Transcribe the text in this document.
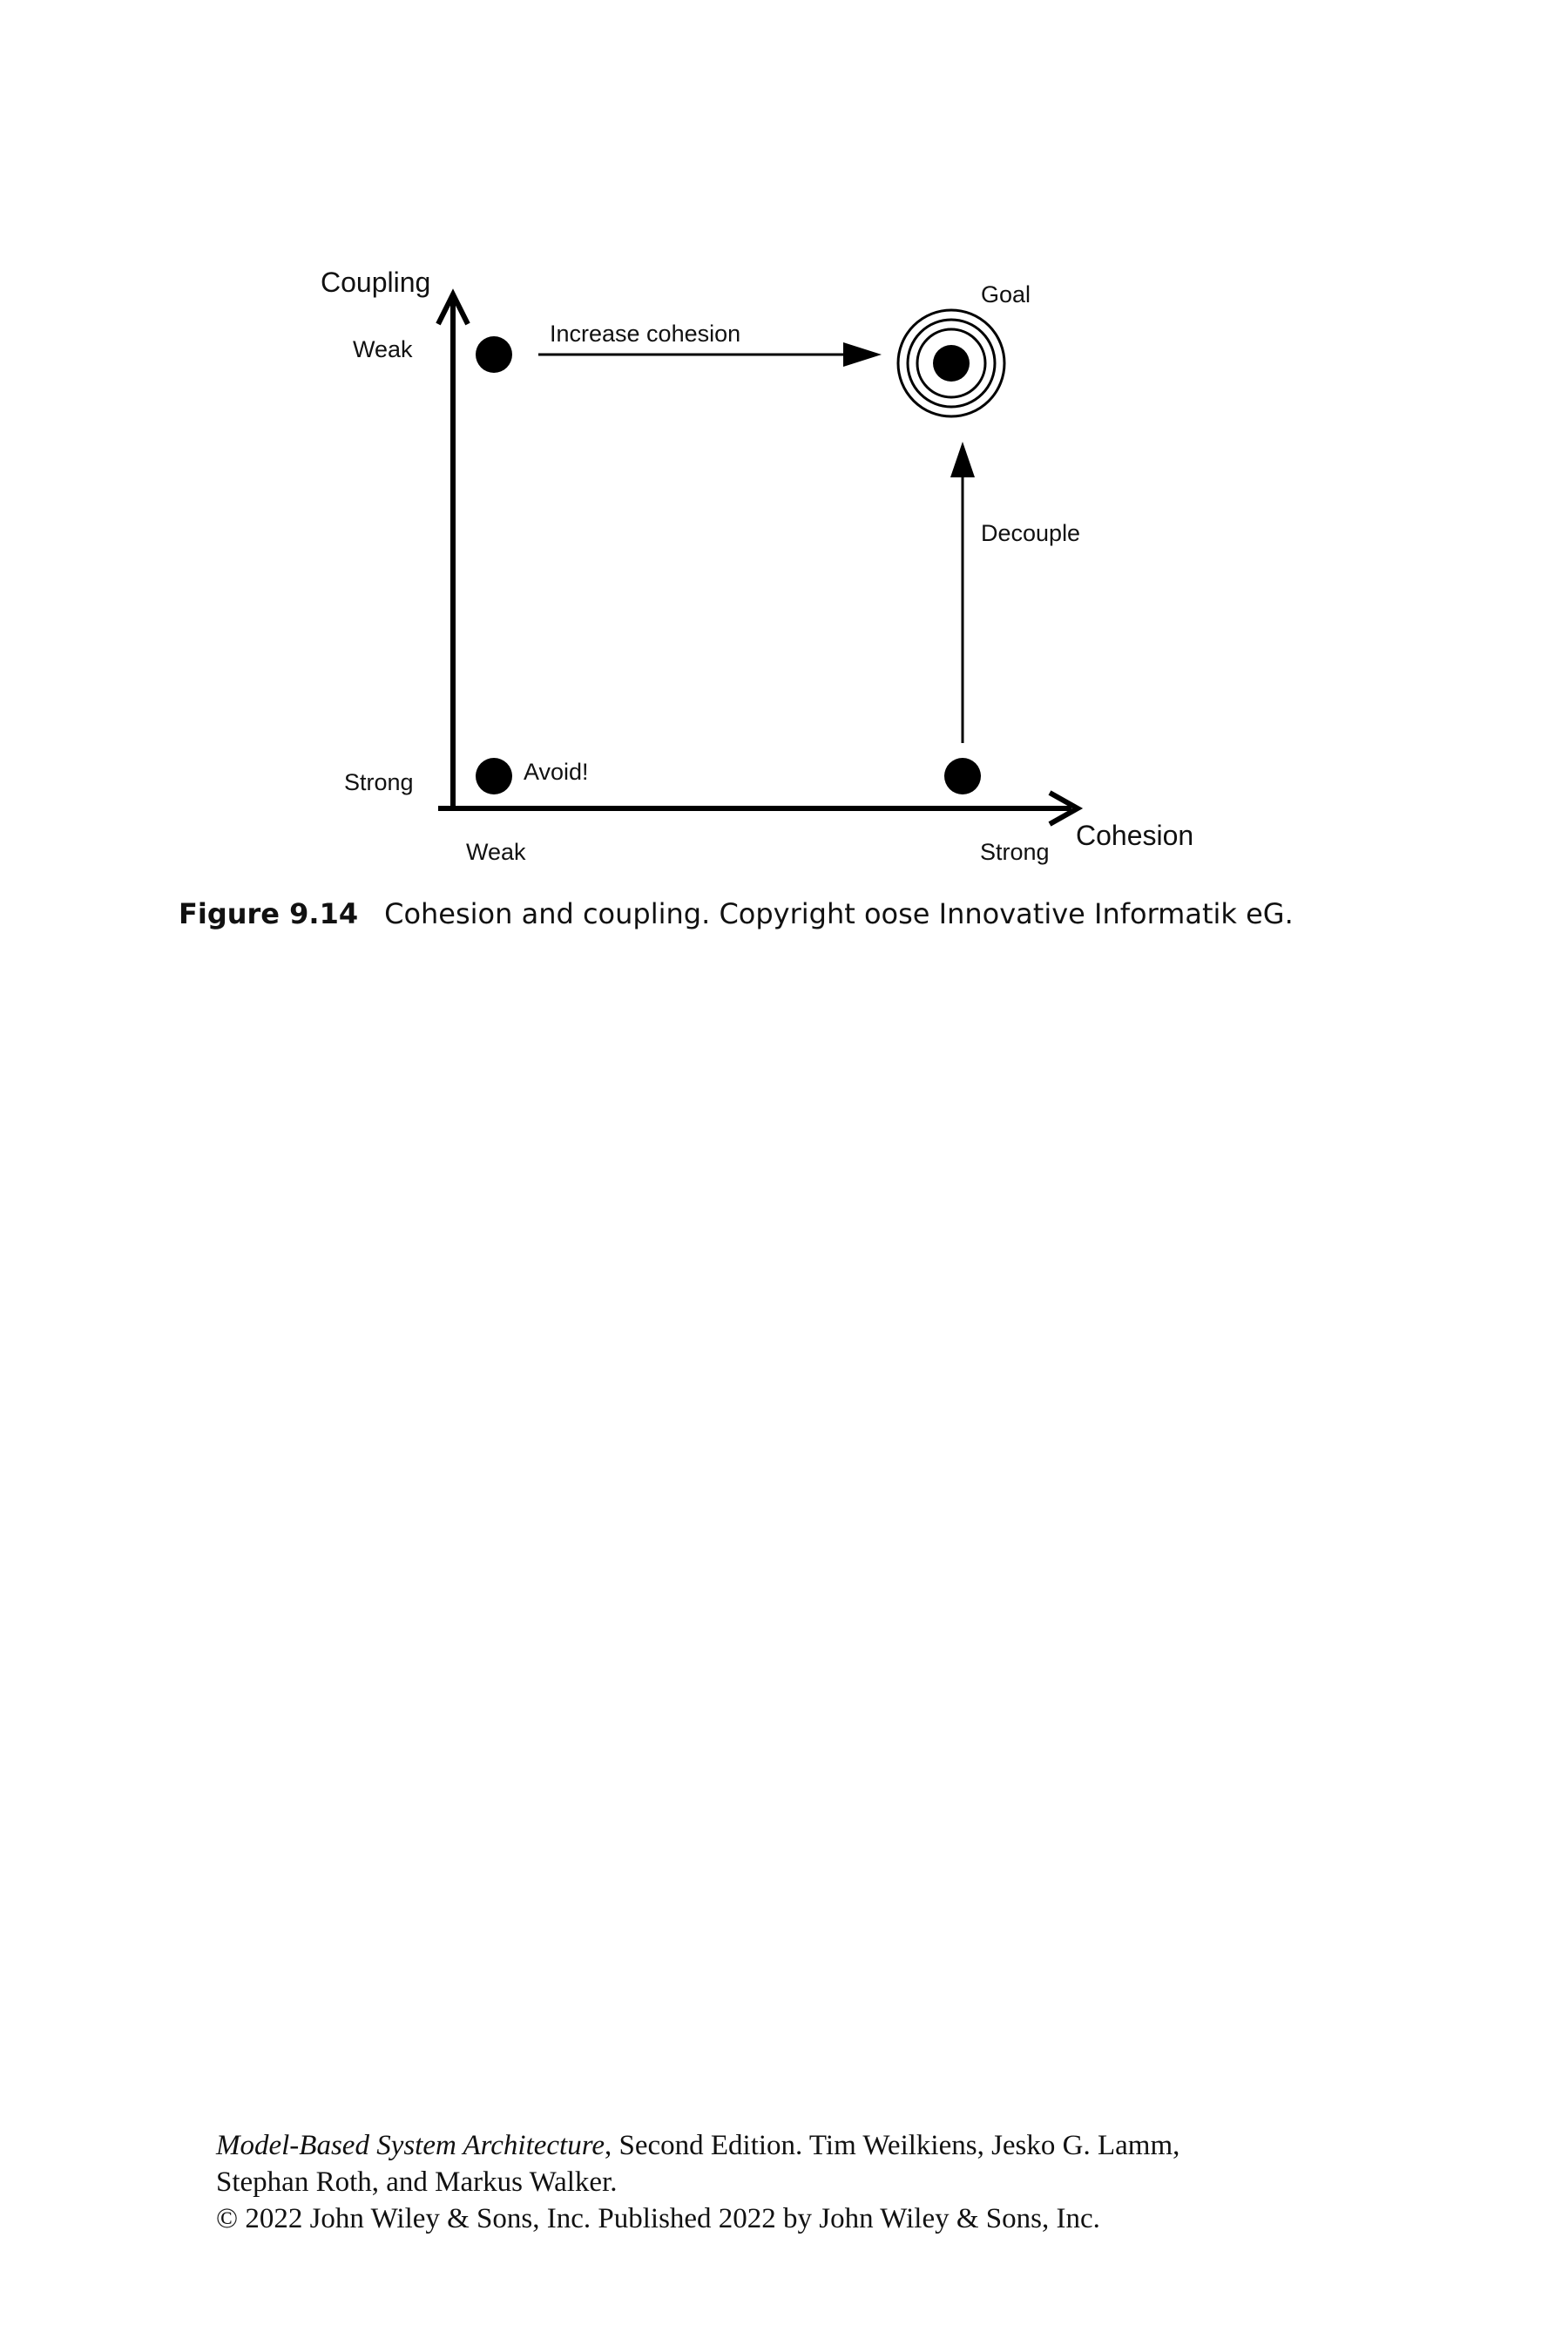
Coupling
Cohesion
Weak
Strong
Weak	Strong
Goal
Avoid!
Increase cohesion
Decouple
Figure 9.14 Cohesion and coupling. Copyright oose Innovative Informatik eG.
Model-Based System Architecture, Second Edition. Tim Weilkiens, Jesko G. Lamm,
Stephan Roth, and Markus Walker.
© 2022 John Wiley & Sons, Inc. Published 2022 by John Wiley & Sons, Inc.
